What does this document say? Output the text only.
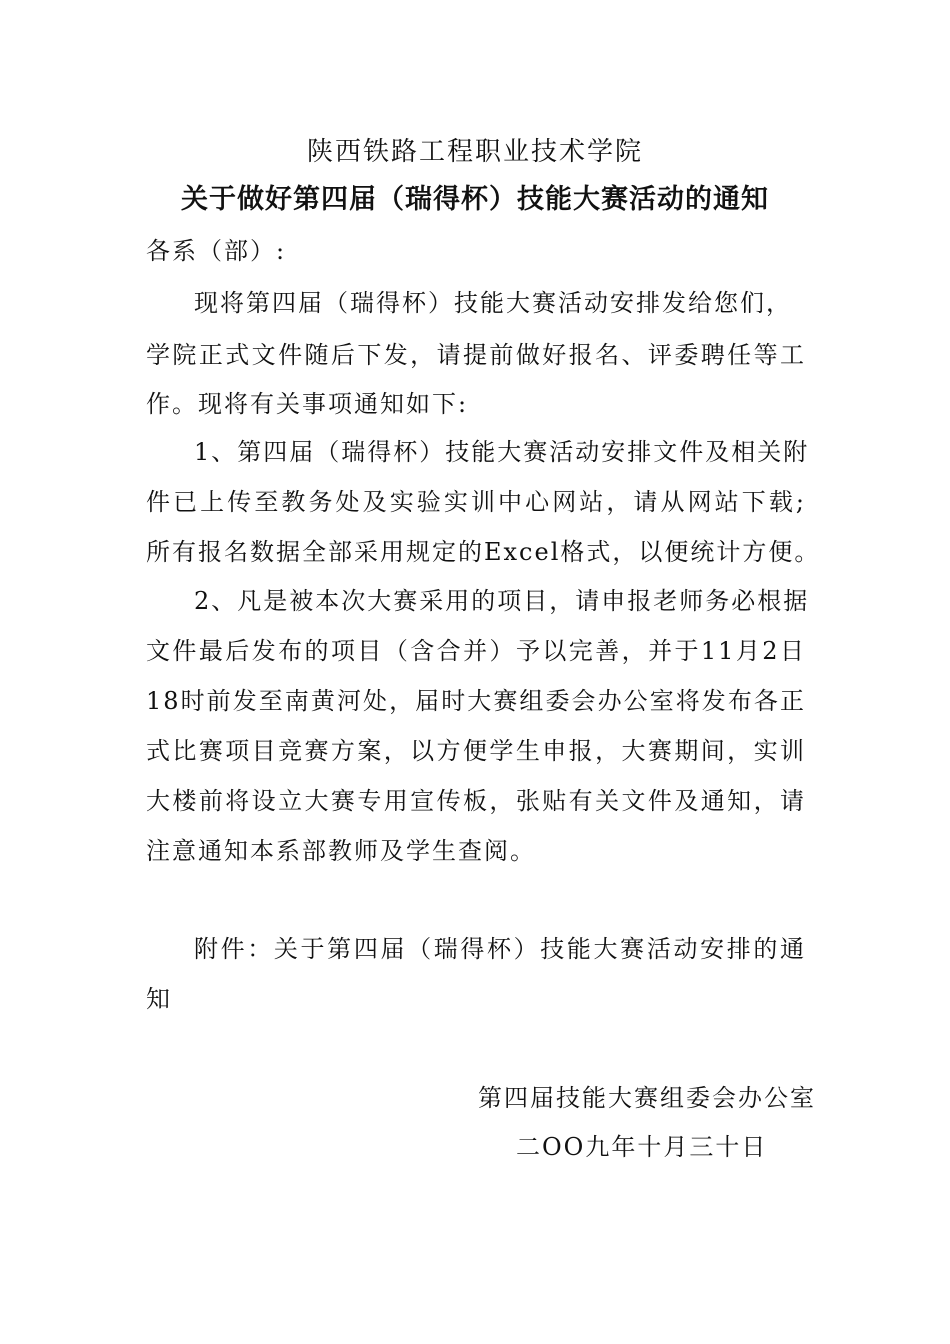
陕西铁路工程职业技术学院
关于做好第四届（瑞得杯）技能大赛活动的通知
各系（部）:
现将第四届（瑞得杯）技能大赛活动安排发给您们，
学院正式文件随后下发，请提前做好报名、评委聘任等工
作。现将有关事项通知如下:
1、第四届（瑞得杯）技能大赛活动安排文件及相关附
件已上传至教务处及实验实训中心网站，请从网站下载;
所有报名数据全部采用规定的Excel格式，以便统计方便。
2、凡是被本次大赛采用的项目，请申报老师务必根据
文件最后发布的项目（含合并）予以完善，并于11月2日
18时前发至南黄河处，届时大赛组委会办公室将发布各正
式比赛项目竞赛方案，以方便学生申报，大赛期间，实训
大楼前将设立大赛专用宣传板，张贴有关文件及通知，请
注意通知本系部教师及学生查阅。
附件：关于第四届（瑞得杯）技能大赛活动安排的通
知
第四届技能大赛组委会办公室
二OO九年十月三十日
